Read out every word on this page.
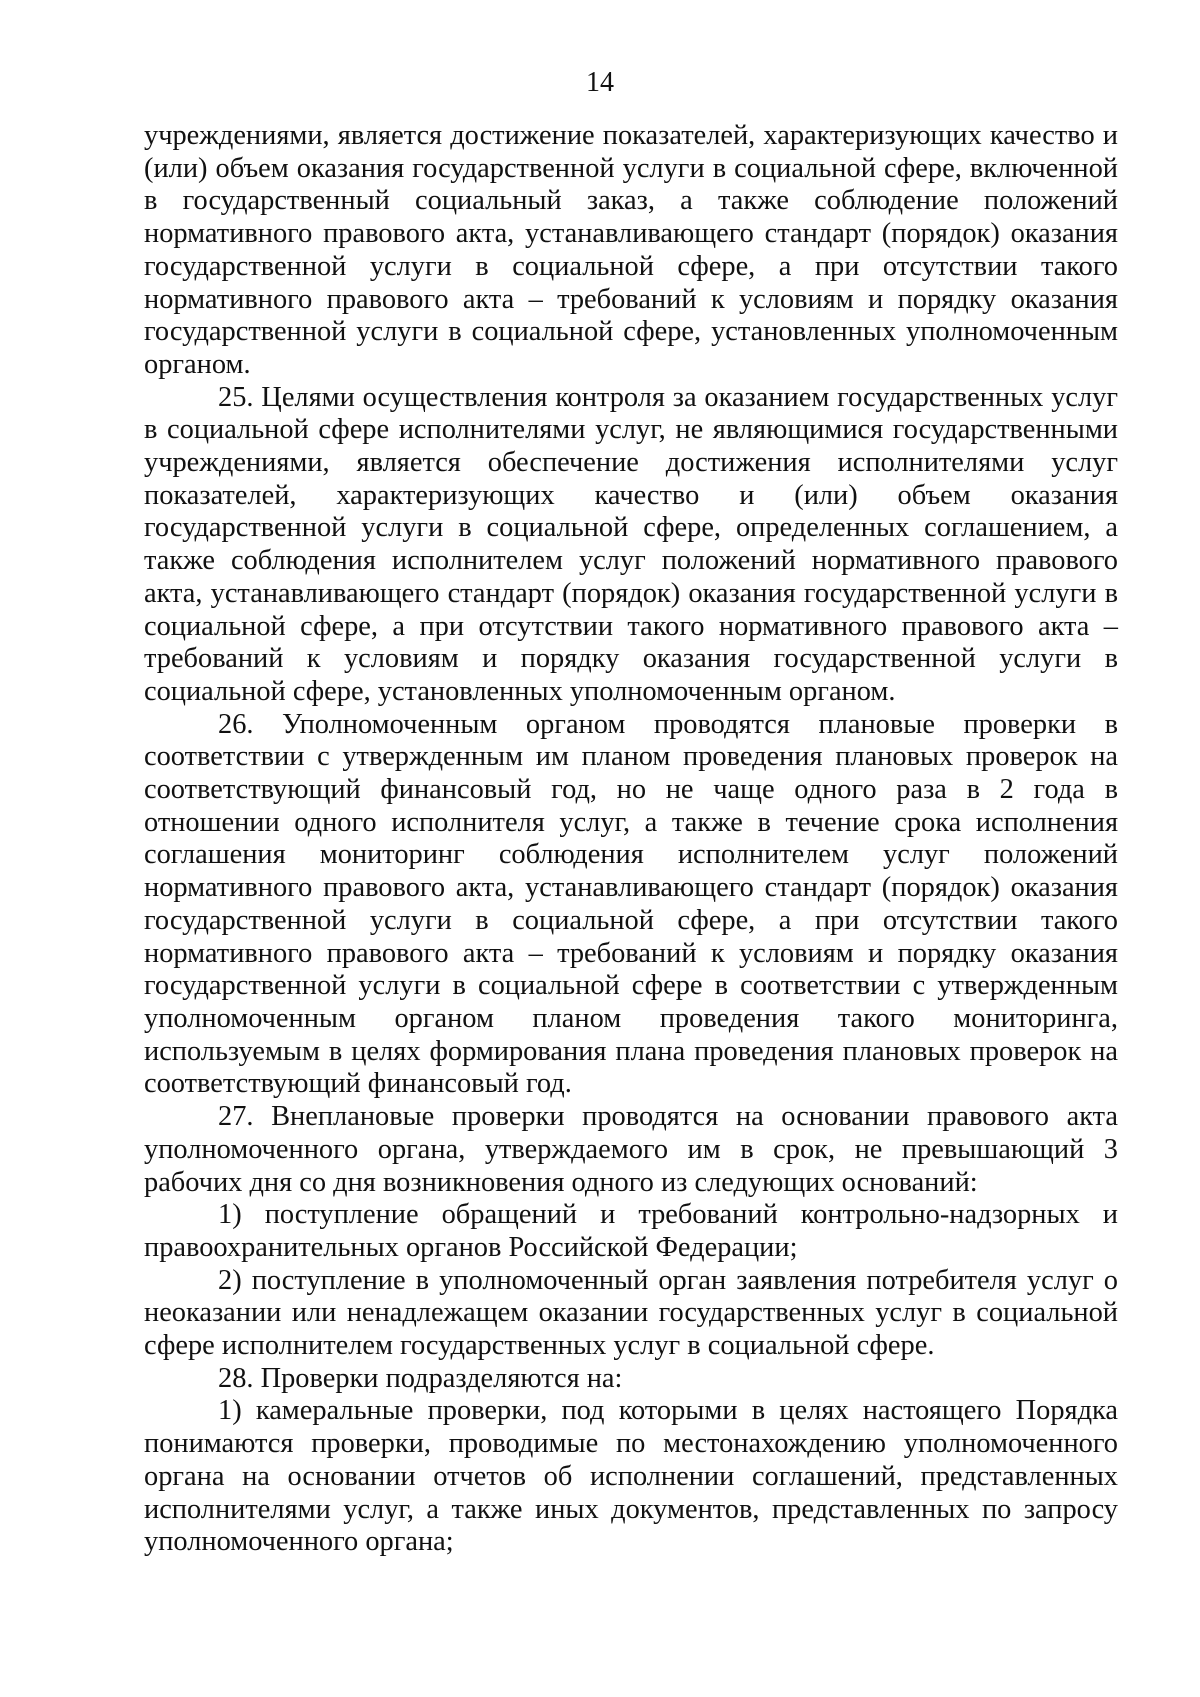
14

учреждениями, является достижение показателей, характеризующих качество и (или) объем оказания государственной услуги в социальной сфере, включенной в государственный социальный заказ, а также соблюдение положений нормативного правового акта, устанавливающего стандарт (порядок) оказания государственной услуги в социальной сфере, а при отсутствии такого нормативного правового акта – требований к условиям и порядку оказания государственной услуги в социальной сфере, установленных уполномоченным органом.

25. Целями осуществления контроля за оказанием государственных услуг в социальной сфере исполнителями услуг, не являющимися государственными учреждениями, является обеспечение достижения исполнителями услуг показателей, характеризующих качество и (или) объем оказания государственной услуги в социальной сфере, определенных соглашением, а также соблюдения исполнителем услуг положений нормативного правового акта, устанавливающего стандарт (порядок) оказания государственной услуги в социальной сфере, а при отсутствии такого нормативного правового акта – требований к условиям и порядку оказания государственной услуги в социальной сфере, установленных уполномоченным органом.

26. Уполномоченным органом проводятся плановые проверки в соответствии с утвержденным им планом проведения плановых проверок на соответствующий финансовый год, но не чаще одного раза в 2 года в отношении одного исполнителя услуг, а также в течение срока исполнения соглашения мониторинг соблюдения исполнителем услуг положений нормативного правового акта, устанавливающего стандарт (порядок) оказания государственной услуги в социальной сфере, а при отсутствии такого нормативного правового акта – требований к условиям и порядку оказания государственной услуги в социальной сфере в соответствии с утвержденным уполномоченным органом планом проведения такого мониторинга, используемым в целях формирования плана проведения плановых проверок на соответствующий финансовый год.

27. Внеплановые проверки проводятся на основании правового акта уполномоченного органа, утверждаемого им в срок, не превышающий 3 рабочих дня со дня возникновения одного из следующих оснований:

1) поступление обращений и требований контрольно-надзорных и правоохранительных органов Российской Федерации;

2) поступление в уполномоченный орган заявления потребителя услуг о неоказании или ненадлежащем оказании государственных услуг в социальной сфере исполнителем государственных услуг в социальной сфере.

28. Проверки подразделяются на:

1) камеральные проверки, под которыми в целях настоящего Порядка понимаются проверки, проводимые по местонахождению уполномоченного органа на основании отчетов об исполнении соглашений, представленных исполнителями услуг, а также иных документов, представленных по запросу уполномоченного органа;
